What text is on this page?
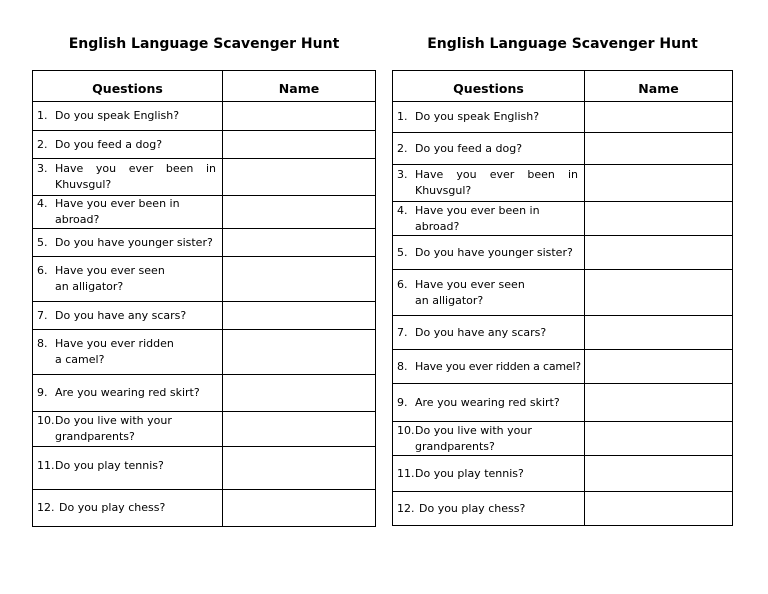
English Language Scavenger Hunt
Questions	Name

1. Do you speak English?	

2. Do you feed a dog?	

3. Have you ever been in Khuvsgul?	

4. Have you ever been in abroad?	

5. Do you have younger sister?	

6. Have you ever seen an alligator?	

7. Do you have any scars?	

8. Have you ever ridden a camel?	

9. Are you wearing red skirt?	

10. Do you live with your grandparents?	

11. Do you play tennis?	

12. Do you play chess?	

English Language Scavenger Hunt
Questions	Name

1. Do you speak English?	

2. Do you feed a dog?	

3. Have you ever been in Khuvsgul?	

4. Have you ever been in abroad?	

5. Do you have younger sister?	

6. Have you ever seen an alligator?	

7. Do you have any scars?	

8. Have you ever ridden a camel?	

9. Are you wearing red skirt?	

10. Do you live with your grandparents?	

11. Do you play tennis?	

12. Do you play chess?	
